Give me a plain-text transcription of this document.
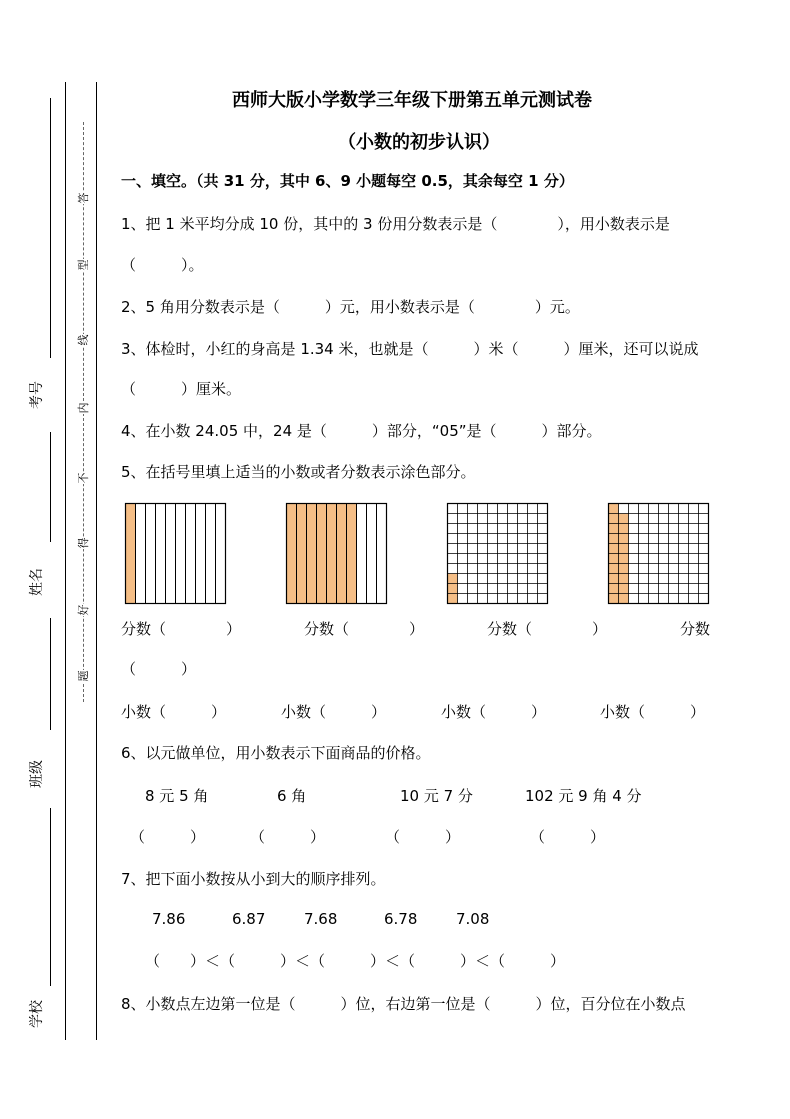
答
型
线
内
不
得
好
题
考号
姓名
班级
学校
西师大版小学数学三年级下册第五单元测试卷
（小数的初步认识）
一、填空。（共 31 分，其中 6、9 小题每空 0.5，其余每空 1 分）
1、把 1 米平均分成 10 份，其中的 3 份用分数表示是（　　　　），用小数表示是
（　　　）。
2、5 角用分数表示是（　　　）元，用小数表示是（　　　　）元。
3、体检时，小红的身高是 1.34 米，也就是（　　　）米（　　　）厘米，还可以说成
（　　　）厘米。
4、在小数 24.05 中，24 是（　　　）部分，“05”是（　　　）部分。
5、在括号里填上适当的小数或者分数表示涂色部分。
分数（　　　　）	分数（　　　　）	分数（　　　　）	分数
（　　　）
小数（　　　）	小数（　　　）	小数（　　　）	小数（　　　）
6、以元做单位，用小数表示下面商品的价格。
8 元 5 角	6 角	10 元 7 分	102 元 9 角 4 分
（　　　）	（　　　）	（　　　）	（　　　）
7、把下面小数按从小到大的顺序排列。
7.86	6.87	7.68	6.78	7.08
（　　）＜（　　　）＜（　　　）＜（　　　）＜（　　　）
8、小数点左边第一位是（　　　）位，右边第一位是（　　　）位，百分位在小数点
